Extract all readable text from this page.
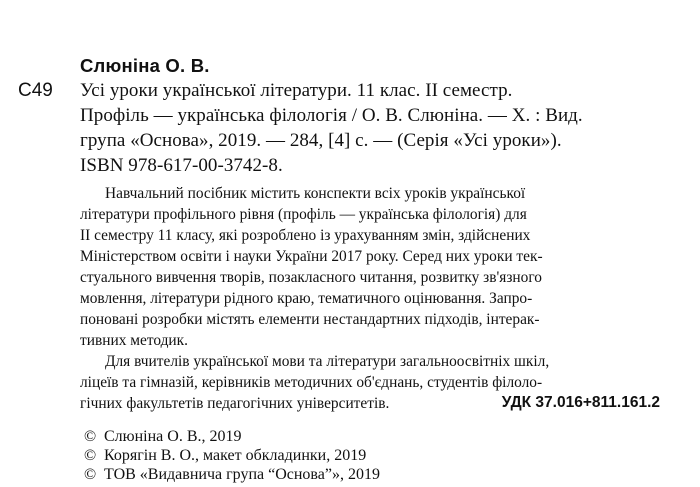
Слюніна О. В.
С49 Усі уроки української літератури. 11 клас. ІІ семестр.
Профіль — українська філологія / О. В. Слюніна. — Х. : Вид.
група «Основа», 2019. — 284, [4] с. — (Серія «Усі уроки»).
ISBN 978-617-00-3742-8.
Навчальний посібник містить конспекти всіх уроків української
літератури профільного рівня (профіль — українська філологія) для
ІІ семестру 11 класу, які розроблено із урахуванням змін, здійснених
Міністерством освіти і науки України 2017 року. Серед них уроки тек-
стуального вивчення творів, позакласного читання, розвитку зв'язного
мовлення, літератури рідного краю, тематичного оцінювання. Запро-
поновані розробки містять елементи нестандартних підходів, інтерак-
тивних методик.
Для вчителів української мови та літератури загальноосвітніх шкіл,
ліцеїв та гімназій, керівників методичних об'єднань, студентів філоло-
гічних факультетів педагогічних університетів.	УДК 37.016+811.161.2
© Слюніна О. В., 2019
© Корягін В. О., макет обкладинки, 2019
© ТОВ «Видавнича група “Основа”», 2019
